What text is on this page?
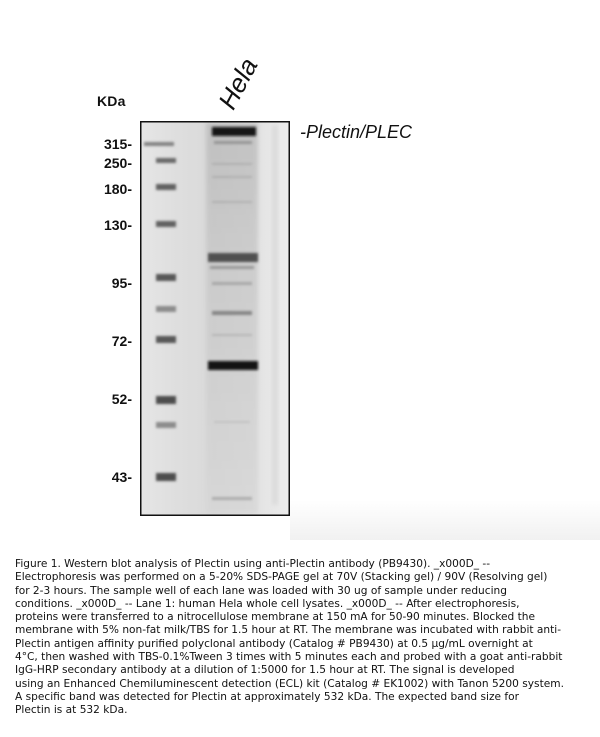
KDa	Hela
-Plectin/PLEC
315-
250-
180-
130-
95-
72-
52-
43-
Figure 1. Western blot analysis of Plectin using anti-Plectin antibody (PB9430). _x000D_ --
Electrophoresis was performed on a 5-20% SDS-PAGE gel at 70V (Stacking gel) / 90V (Resolving gel)
for 2-3 hours. The sample well of each lane was loaded with 30 ug of sample under reducing
conditions. _x000D_ -- Lane 1: human Hela whole cell lysates. _x000D_ -- After electrophoresis,
proteins were transferred to a nitrocellulose membrane at 150 mA for 50-90 minutes. Blocked the
membrane with 5% non-fat milk/TBS for 1.5 hour at RT. The membrane was incubated with rabbit anti-
Plectin antigen affinity purified polyclonal antibody (Catalog # PB9430) at 0.5 μg/mL overnight at
4°C, then washed with TBS-0.1%Tween 3 times with 5 minutes each and probed with a goat anti-rabbit
IgG-HRP secondary antibody at a dilution of 1:5000 for 1.5 hour at RT. The signal is developed
using an Enhanced Chemiluminescent detection (ECL) kit (Catalog # EK1002) with Tanon 5200 system.
A specific band was detected for Plectin at approximately 532 kDa. The expected band size for
Plectin is at 532 kDa.
